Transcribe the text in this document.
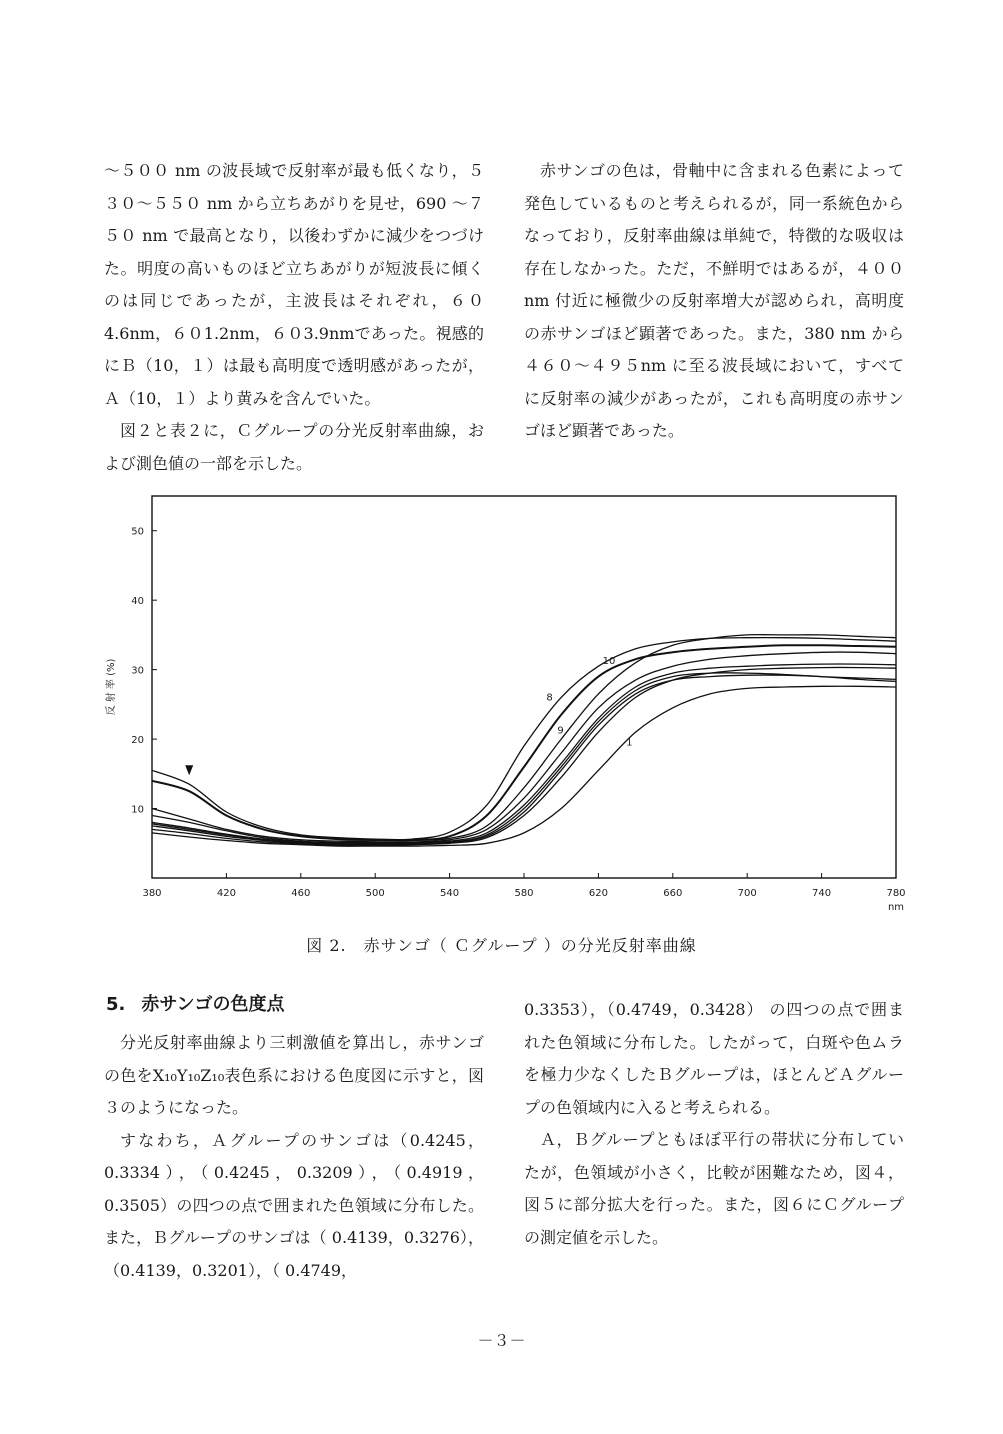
〜５００ nm の波長域で反射率が最も低くなり，５３０〜５５０ nm から立ちあがりを見せ，690 〜７５０ nm で最高となり，以後わずかに減少をつづけた。明度の高いものほど立ちあがりが短波長に傾くのは同じであったが，主波長はそれぞれ，６０4.6nm，６０1.2nm，６０3.9nmであった。視感的にＢ（10，１）は最も高明度で透明感があったが，Ａ（10，１）より黄みを含んでいた。

図２と表２に，Ｃグループの分光反射率曲線，および測色値の一部を示した。

赤サンゴの色は，骨軸中に含まれる色素によって発色しているものと考えられるが，同一系統色からなっており，反射率曲線は単純で，特徴的な吸収は存在しなかった。ただ，不鮮明ではあるが，４００nm 付近に極微少の反射率増大が認められ，高明度の赤サンゴほど顕著であった。また，380 nm から４６０〜４９５nm に至る波長域において，すべてに反射率の減少があったが，これも高明度の赤サンゴほど顕著であった。

380	420	460	500	540	580	620	660	700	740	780
nm
10
20
30
40
50
反 射 率 (%)	8
10
9
1
図 2.　赤サンゴ（ Ｃグループ ）の分光反射率曲線
5. 赤サンゴの色度点

分光反射率曲線より三刺激値を算出し，赤サンゴの色をX₁₀Y₁₀Z₁₀表色系における色度図に示すと，図３のようになった。

すなわち，Ａグループのサンゴは（0.4245，0.3334），（0.4245，0.3209），（0.4919，0.3505）の四つの点で囲まれた色領域に分布した。また，Ｂグループのサンゴは（ 0.4139，0.3276），（0.4139，0.3201），（ 0.4749，

0.3353），（0.4749，0.3428） の四つの点で囲まれた色領域に分布した。したがって，白斑や色ムラを極力少なくしたＢグループは，ほとんどＡグループの色領域内に入ると考えられる。

Ａ，Ｂグループともほぼ平行の帯状に分布していたが，色領域が小さく，比較が困難なため，図４，図５に部分拡大を行った。また，図６にＣグループの測定値を示した。

－３－
